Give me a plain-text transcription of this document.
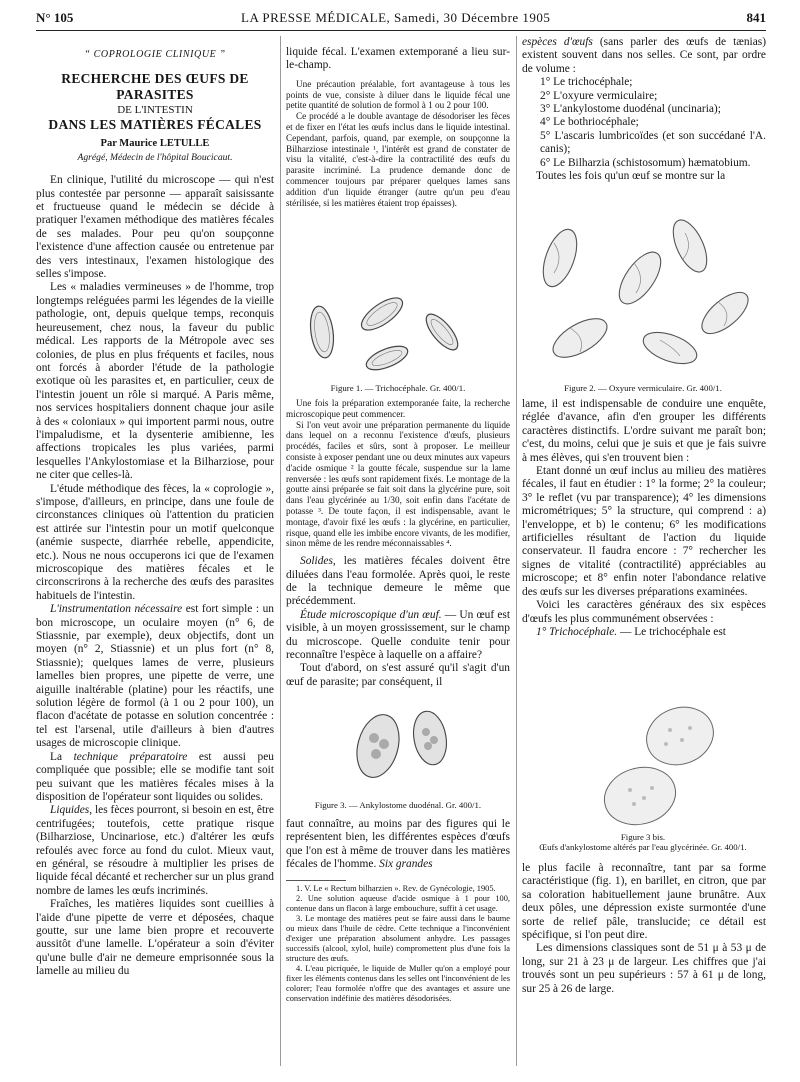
N° 105	LA PRESSE MÉDICALE, Samedi, 30 Décembre 1905	841
“ COPROLOGIE CLINIQUE ”
RECHERCHE DES ŒUFS DE PARASITES
DE L'INTESTIN
DANS LES MATIÈRES FÉCALES
Par Maurice LETULLE
Agrégé, Médecin de l'hôpital Boucicaut.

En clinique, l'utilité du microscope — qui n'est plus contestée par personne — apparaît saisissante et fructueuse quand le médecin se décide à pratiquer l'examen méthodique des matières fécales de ses malades. Pour peu qu'on soupçonne l'existence d'une affection causée ou entretenue par des vers intestinaux, l'examen histologique des selles s'impose.

Les « maladies vermineuses » de l'homme, trop longtemps reléguées parmi les légendes de la vieille pathologie, ont, depuis quelque temps, reconquis heureusement, chez nous, la faveur du public médical. Les rapports de la Métropole avec ses colonies, de plus en plus fréquents et faciles, nous ont forcés à aborder l'étude de la pathologie exotique où les parasites et, en particulier, ceux de l'intestin jouent un rôle si marqué. A Paris même, nos services hospitaliers donnent chaque jour asile à des « coloniaux » qui importent parmi nous, outre l'impaludisme, et la dysenterie amibienne, les affections tropicales les plus variées, parmi lesquelles l'Ankylostomiase et la Bilharziose, pour ne citer que celles-là.

L'étude méthodique des fèces, la « coprologie », s'impose, d'ailleurs, en principe, dans une foule de circonstances cliniques où l'attention du praticien est attirée sur l'intestin pour un motif quelconque (anémie suspecte, diarrhée rebelle, appendicite, etc.). Nous ne nous occuperons ici que de l'examen microscopique des matières fécales et le circonscrirons à la recherche des œufs des parasites habituels de l'intestin.

L'instrumentation nécessaire est fort simple : un bon microscope, un oculaire moyen (n° 6, de Stiassnie, par exemple), deux objectifs, dont un moyen (n° 2, Stiassnie) et un plus fort (n° 8, Stiassnie); quelques lames de verre, plusieurs lamelles bien propres, une pipette de verre, une aiguille inaltérable (platine) pour les réactifs, une solution légère de formol (à 1 ou 2 pour 100), un flacon d'acétate de potasse en solution concentrée : tel est l'arsenal, utile d'ailleurs à bien d'autres usages de microscopie clinique.

La technique préparatoire est aussi peu compliquée que possible; elle se modifie tant soit peu suivant que les matières fécales mises à la disposition de l'opérateur sont liquides ou solides.

Liquides, les fèces pourront, si besoin en est, être centrifugées; toutefois, cette pratique risque (Bilharziose, Uncinariose, etc.) d'altérer les œufs refoulés avec force au fond du culot. Mieux vaut, en général, se résoudre à multiplier les prises de liquide fécal décanté et rechercher sur un plus grand nombre de lames les œufs incriminés.

Fraîches, les matières liquides sont cueillies à l'aide d'une pipette de verre et déposées, chaque goutte, sur une lame bien propre et recouverte aussitôt d'une lamelle. L'opérateur a soin d'éviter qu'une bulle d'air ne demeure emprisonnée sous la lamelle au milieu du

liquide fécal. L'examen extemporané a lieu sur-le-champ.

Une précaution préalable, fort avantageuse à tous les points de vue, consiste à diluer dans le liquide fécal une petite quantité de solution de formol à 1 ou 2 pour 100.

Ce procédé a le double avantage de désodoriser les fèces et de fixer en l'état les œufs inclus dans le liquide intestinal. Cependant, parfois, quand, par exemple, on soupçonne la Bilharziose intestinale ¹, l'intérêt est grand de constater de visu la vitalité, c'est-à-dire la contractilité des œufs du parasite incriminé. La prudence demande donc de commencer toujours par préparer quelques lames sans addition d'un liquide étranger (autre qu'un peu d'eau stérilisée, si les matières étaient trop épaisses).

Figure 1. — Trichocéphale. Gr. 400/1.	Figure 2. — Oxyure vermiculaire. Gr. 400/1.

Une fois la préparation extemporanée faite, la recherche microscopique peut commencer.

Si l'on veut avoir une préparation permanente du liquide dans lequel on a reconnu l'existence d'œufs, plusieurs procédés, faciles et sûrs, sont à proposer. Le meilleur consiste à exposer pendant une ou deux minutes aux vapeurs d'acide osmique ² la goutte fécale, suspendue sur la lame renversée : les œufs sont rapidement fixés. Le montage de la goutte ainsi préparée se fait soit dans la glycérine pure, soit dans l'eau glycérinée au 1/30, soit enfin dans l'acétate de potasse ³. De toute façon, il est indispensable, avant le montage, d'avoir fixé les œufs : la glycérine, en particulier, risque, quand elle les imbibe encore vivants, de les modifier, sinon même de les rendre méconnaissables ⁴.

Solides, les matières fécales doivent être diluées dans l'eau formolée. Après quoi, le reste de la technique demeure le même que précédemment.

Étude microscopique d'un œuf. — Un œuf est visible, à un moyen grossissement, sur le champ du microscope. Quelle conduite tenir pour reconnaître l'espèce à laquelle on a affaire?

Tout d'abord, on s'est assuré qu'il s'agit d'un œuf de parasite; par conséquent, il

Figure 3. — Ankylostome duodénal. Gr. 400/1.

faut connaître, au moins par des figures qui le représentent bien, les différentes espèces d'œufs que l'on est à même de trouver dans les matières fécales de l'homme. Six grandes

1. V. Le « Rectum bilharzien ». Rev. de Gynécologie, 1905.

2. Une solution aqueuse d'acide osmique à 1 pour 100, contenue dans un flacon à large embouchure, suffit à cet usage.

3. Le montage des matières peut se faire aussi dans le baume ou mieux dans l'huile de cèdre. Cette technique a l'inconvénient d'exiger une préparation absolument anhydre. Les passages successifs (alcool, xylol, huile) compromettent plus d'une fois la structure des œufs.

4. L'eau picriquée, le liquide de Muller qu'on a employé pour fixer les éléments contenus dans les selles ont l'inconvénient de les colorer; l'eau formolée n'offre que des avantages et assure une conservation indéfinie des matières désodorisées.

espèces d'œufs (sans parler des œufs de tænias) existent souvent dans nos selles. Ce sont, par ordre de volume :

1° Le trichocéphale;
2° L'oxyure vermiculaire;
3° L'ankylostome duodénal (uncinaria);
4° Le bothriocéphale;
5° L'ascaris lumbricoïdes (et son succédané l'A. canis);
6° Le Bilharzia (schistosomum) hæmatobium.

Toutes les fois qu'un œuf se montre sur la

lame, il est indispensable de conduire une enquête, réglée d'avance, afin d'en grouper les différents caractères distinctifs. L'ordre suivant me paraît bon; c'est, du moins, celui que je suis et que je fais suivre à mes élèves, qui s'en trouvent bien :

Etant donné un œuf inclus au milieu des matières fécales, il faut en étudier : 1° la forme; 2° la couleur; 3° le reflet (vu par transparence); 4° les dimensions micrométriques; 5° la structure, qui comprend : a) l'enveloppe, et b) le contenu; 6° les modifications artificielles résultant de l'action du liquide conservateur. Il faudra encore : 7° rechercher les signes de vitalité (contractilité) appréciables au microscope; et 8° enfin noter l'abondance relative des œufs sur les diverses préparations examinées.

Voici les caractères généraux des six espèces d'œufs les plus communément observées :

1° Trichocéphale. — Le trichocéphale est

Figure 3 bis.
Œufs d'ankylostome altérés par l'eau glycérinée. Gr. 400/1.

le plus facile à reconnaître, tant par sa forme caractéristique (fig. 1), en barillet, en citron, que par sa coloration habituellement jaune brunâtre. Aux deux pôles, une dépression existe surmontée d'une sorte de relief pâle, translucide; ce détail est spécifique, si l'on peut dire.

Les dimensions classiques sont de 51 μ à 53 μ de long, sur 21 à 23 μ de largeur. Les chiffres que j'ai trouvés sont un peu supérieurs : 57 à 61 μ de long, sur 25 à 26 de large.
